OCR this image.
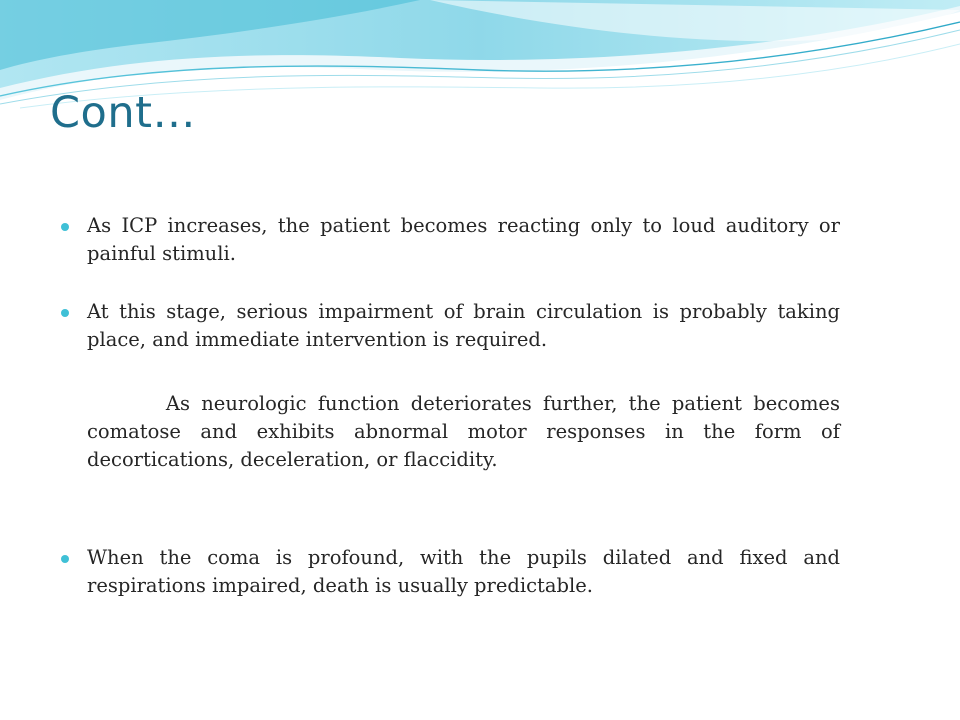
Cont…

As ICP increases, the patient becomes reacting only to loud auditory or painful stimuli.

At this stage, serious impairment of brain circulation is probably taking place, and immediate intervention is required.

As neurologic function deteriorates further, the patient becomes comatose and exhibits abnormal motor responses in the form of decortications, deceleration, or flaccidity.

When the coma is profound, with the pupils dilated and fixed and respirations impaired, death is usually predictable.
